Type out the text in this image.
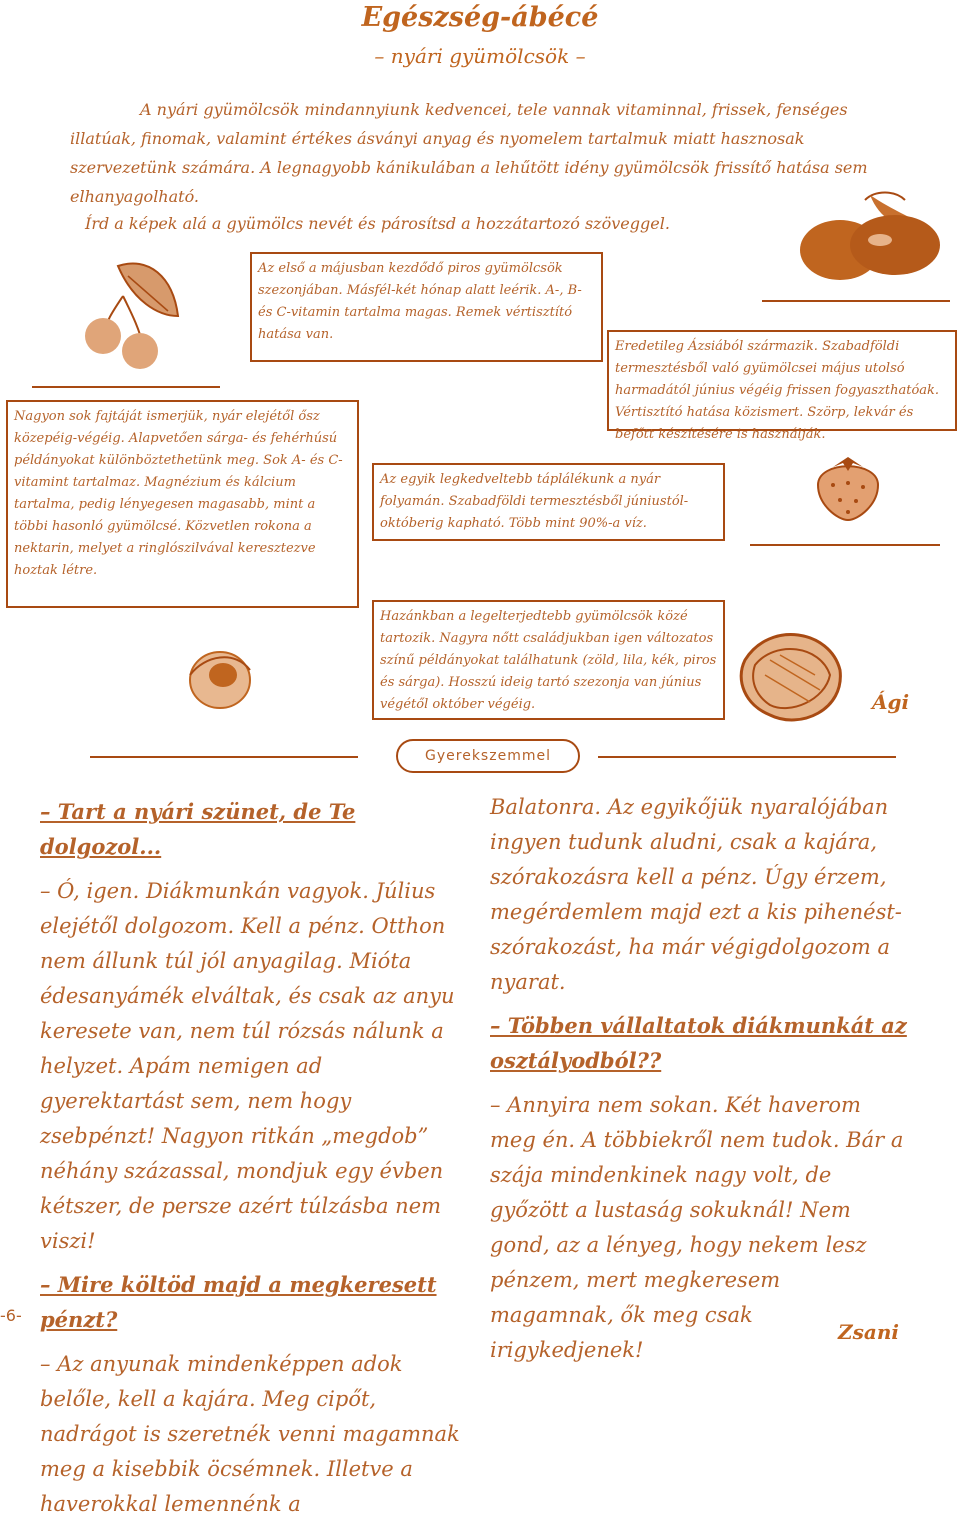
Egészség-ábécé
– nyári gyümölcsök –

A nyári gyümölcsök mindannyiunk kedvencei, tele vannak vitaminnal, frissek, fenséges illatúak, finomak, valamint értékes ásványi anyag és nyomelem tartalmuk miatt hasznosak szervezetünk számára. A legnagyobb kánikulában a lehűtött idény gyümölcsök frissítő hatása sem elhanyagolható.

Írd a képek alá a gyümölcs nevét és párosítsd a hozzátartozó szöveggel.

Az első a májusban kezdődő piros gyümölcsök szezonjában. Másfél-két hónap alatt leérik. A-, B- és C-vitamin tartalma magas. Remek vértisztító hatása van.

Eredetileg Ázsiából származik. Szabadföldi termesztésből való gyümölcsei május utolsó harmadától június végéig frissen fogyaszthatóak. Vértisztító hatása közismert. Szörp, lekvár és befőtt készítésére is használják.

Nagyon sok fajtáját ismerjük, nyár elejétől ősz közepéig-végéig. Alapvetően sárga- és fehérhúsú példányokat különböztethetünk meg. Sok A- és C-vitamint tartalmaz. Magnézium és kálcium tartalma, pedig lényegesen magasabb, mint a többi hasonló gyümölcsé. Közvetlen rokona a nektarin, melyet a ringlószilvával keresztezve hoztak létre.

Az egyik legkedveltebb táplálékunk a nyár folyamán. Szabadföldi termesztésből júniustól-októberig kapható. Több mint 90%-a víz.

Hazánkban a legelterjedtebb gyümölcsök közé tartozik. Nagyra nőtt családjukban igen változatos színű példányokat találhatunk (zöld, lila, kék, piros és sárga). Hosszú ideig tartó szezonja van június végétől október végéig.	Ági
Gyerekszemmel

– Tart a nyári szünet, de Te dolgozol...

– Ó, igen. Diákmunkán vagyok. Július elejétől dolgozom. Kell a pénz. Otthon nem állunk túl jól anyagilag. Mióta édesanyámék elváltak, és csak az anyu keresete van, nem túl rózsás nálunk a helyzet. Apám nemigen ad gyerektartást sem, nem hogy zsebpénzt! Nagyon ritkán „megdob” néhány százassal, mondjuk egy évben kétszer, de persze azért túlzásba nem viszi!

– Mire költöd majd a megkeresett pénzt?

– Az anyunak mindenképpen adok belőle, kell a kajára. Meg cipőt, nadrágot is szeretnék venni magamnak meg a kisebbik öcsémnek. Illetve a haverokkal lemennénk a

Balatonra. Az egyikőjük nyaralójában ingyen tudunk aludni, csak a kajára, szórakozásra kell a pénz. Úgy érzem, megérdemlem majd ezt a kis pihenést-szórakozást, ha már végigdolgozom a nyarat.

– Többen vállaltatok diákmunkát az osztályodból??

– Annyira nem sokan. Két haverom meg én. A többiekről nem tudok. Bár a szája mindenkinek nagy volt, de győzött a lustaság sokuknál! Nem gond, az a lényeg, hogy nekem lesz pénzem, mert megkeresem magamnak, ők meg csak irigykedjenek!

Zsani
-6-
